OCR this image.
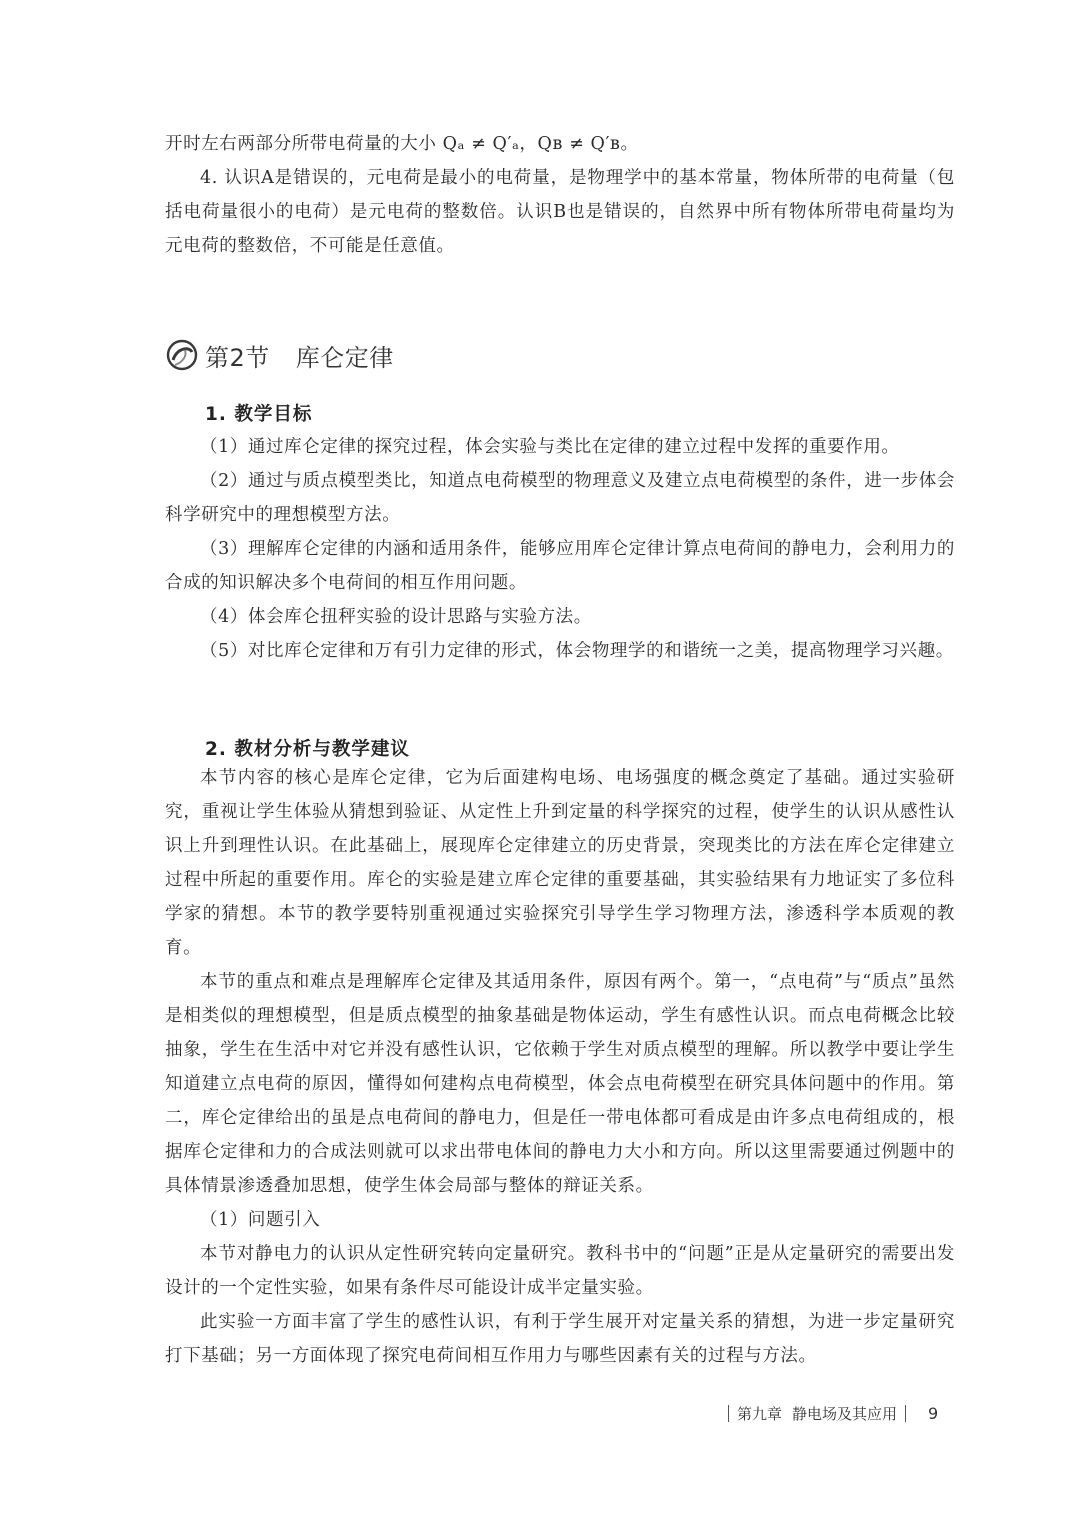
开时左右两部分所带电荷量的大小 Qₐ ≠ Q′ₐ，Qʙ ≠ Q′ʙ。

4. 认识A是错误的，元电荷是最小的电荷量，是物理学中的基本常量，物体所带的电荷量（包括电荷量很小的电荷）是元电荷的整数倍。认识B也是错误的，自然界中所有物体所带电荷量均为元电荷的整数倍，不可能是任意值。

第2节 库仑定律
1. 教学目标

（1）通过库仑定律的探究过程，体会实验与类比在定律的建立过程中发挥的重要作用。

（2）通过与质点模型类比，知道点电荷模型的物理意义及建立点电荷模型的条件，进一步体会科学研究中的理想模型方法。

（3）理解库仑定律的内涵和适用条件，能够应用库仑定律计算点电荷间的静电力，会利用力的合成的知识解决多个电荷间的相互作用问题。

（4）体会库仑扭秤实验的设计思路与实验方法。

（5）对比库仑定律和万有引力定律的形式，体会物理学的和谐统一之美，提高物理学习兴趣。

2. 教材分析与教学建议

本节内容的核心是库仑定律，它为后面建构电场、电场强度的概念奠定了基础。通过实验研究，重视让学生体验从猜想到验证、从定性上升到定量的科学探究的过程，使学生的认识从感性认识上升到理性认识。在此基础上，展现库仑定律建立的历史背景，突现类比的方法在库仑定律建立过程中所起的重要作用。库仑的实验是建立库仑定律的重要基础，其实验结果有力地证实了多位科学家的猜想。本节的教学要特别重视通过实验探究引导学生学习物理方法，渗透科学本质观的教育。

本节的重点和难点是理解库仑定律及其适用条件，原因有两个。第一，“点电荷”与“质点”虽然是相类似的理想模型，但是质点模型的抽象基础是物体运动，学生有感性认识。而点电荷概念比较抽象，学生在生活中对它并没有感性认识，它依赖于学生对质点模型的理解。所以教学中要让学生知道建立点电荷的原因，懂得如何建构点电荷模型，体会点电荷模型在研究具体问题中的作用。第二，库仑定律给出的虽是点电荷间的静电力，但是任一带电体都可看成是由许多点电荷组成的，根据库仑定律和力的合成法则就可以求出带电体间的静电力大小和方向。所以这里需要通过例题中的具体情景渗透叠加思想，使学生体会局部与整体的辩证关系。

（1）问题引入

本节对静电力的认识从定性研究转向定量研究。教科书中的“问题”正是从定量研究的需要出发设计的一个定性实验，如果有条件尽可能设计成半定量实验。

此实验一方面丰富了学生的感性认识，有利于学生展开对定量关系的猜想，为进一步定量研究打下基础；另一方面体现了探究电荷间相互作用力与哪些因素有关的过程与方法。

第九章 静电场及其应用 9
